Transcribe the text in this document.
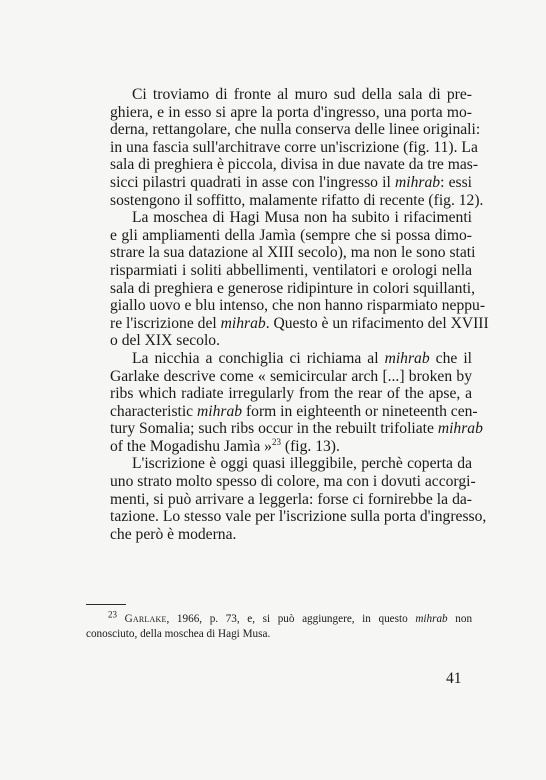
Ci troviamo di fronte al muro sud della sala di pre-
ghiera, e in esso si apre la porta d'ingresso, una porta mo-
derna, rettangolare, che nulla conserva delle linee originali:
in una fascia sull'architrave corre un'iscrizione (fig. 11). La
sala di preghiera è piccola, divisa in due navate da tre mas-
sicci pilastri quadrati in asse con l'ingresso il mihrab: essi
sostengono il soffitto, malamente rifatto di recente (fig. 12).

La moschea di Hagi Musa non ha subito i rifacimenti
e gli ampliamenti della Jamìa (sempre che si possa dimo-
strare la sua datazione al XIII secolo), ma non le sono stati
risparmiati i soliti abbellimenti, ventilatori e orologi nella
sala di preghiera e generose ridipinture in colori squillanti,
giallo uovo e blu intenso, che non hanno risparmiato neppu-
re l'iscrizione del mihrab. Questo è un rifacimento del XVIII
o del XIX secolo.

La nicchia a conchiglia ci richiama al mihrab che il
Garlake descrive come « semicircular arch [...] broken by
ribs which radiate irregularly from the rear of the apse, a
characteristic mihrab form in eighteenth or nineteenth cen-
tury Somalia; such ribs occur in the rebuilt trifoliate mihrab
of the Mogadishu Jamìa »$^{23}$ (fig. 13).
L'iscrizione è oggi quasi illeggibile, perchè coperta da
uno strato molto spesso di colore, ma con i dovuti accorgi-
menti, si può arrivare a leggerla: forse ci fornirebbe la da-
tazione. Lo stesso vale per l'iscrizione sulla porta d'ingresso,
che però è moderna.

$^{23}$ Garlake, 1966, p. 73, e, si può aggiungere, in questo mihrab non
conosciuto, della moschea di Hagi Musa.
41
